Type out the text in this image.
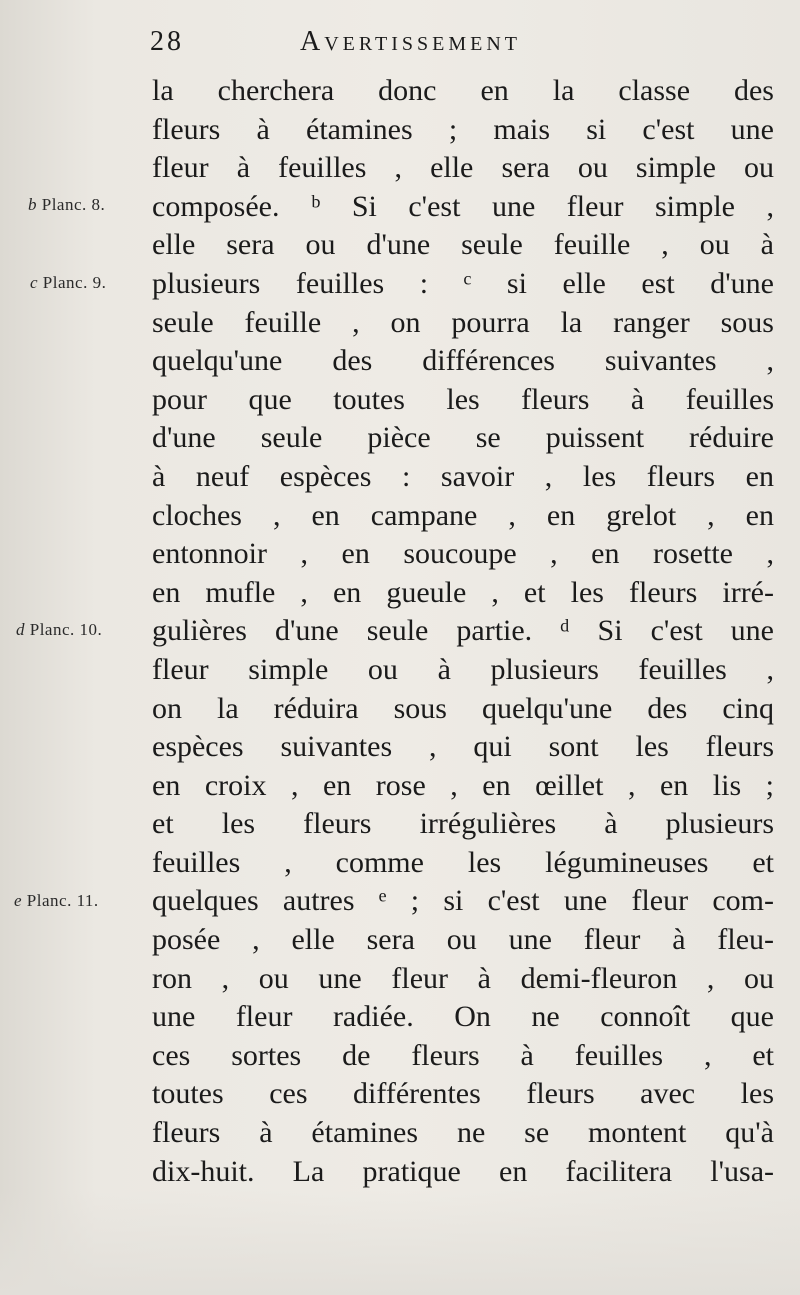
28	Avertissement
b Planc. 8.
c Planc. 9.
d Planc. 10.
e Planc. 11.
la cherchera donc en la classe des
fleurs à étamines ; mais si c'est une
fleur à feuilles , elle sera ou simple ou
composée. ᵇ Si c'est une fleur simple ,
elle sera ou d'une seule feuille , ou à
plusieurs feuilles : ᶜ si elle est d'une
seule feuille , on pourra la ranger sous
quelqu'une des différences suivantes ,
pour que toutes les fleurs à feuilles
d'une seule pièce se puissent réduire
à neuf espèces : savoir , les fleurs en
cloches , en campane , en grelot , en
entonnoir , en soucoupe , en rosette ,
en mufle , en gueule , et les fleurs irré-
gulières d'une seule partie. ᵈ Si c'est une
fleur simple ou à plusieurs feuilles ,
on la réduira sous quelqu'une des cinq
espèces suivantes , qui sont les fleurs
en croix , en rose , en œillet , en lis ;
et les fleurs irrégulières à plusieurs
feuilles , comme les légumineuses et
quelques autres ᵉ ; si c'est une fleur com-
posée , elle sera ou une fleur à fleu-
ron , ou une fleur à demi-fleuron , ou
une fleur radiée. On ne connoît que
ces sortes de fleurs à feuilles , et
toutes ces différentes fleurs avec les
fleurs à étamines ne se montent qu'à
dix-huit. La pratique en facilitera l'usa-
